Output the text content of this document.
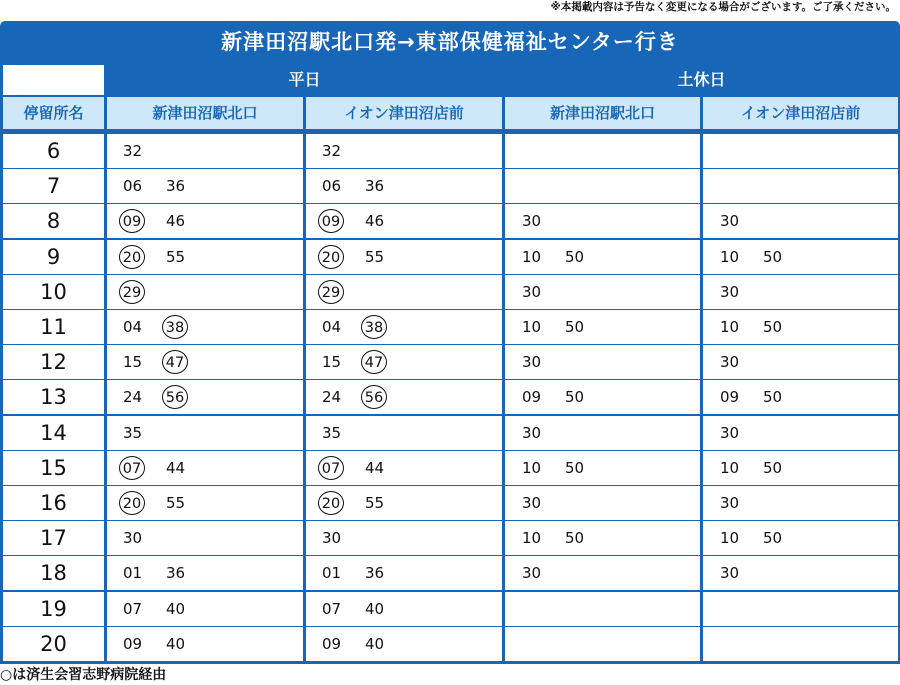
※本掲載内容は予告なく変更になる場合がございます。ご了承ください。
新津田沼駅北口発→東部保健福祉センター行き
平日	土休日
停留所名	新津田沼駅北口	イオン津田沼店前	新津田沼駅北口	イオン津田沼店前
6	32	32
7	06 36	06 36
8	09 46	09 46	30	30
9	20 55	20 55	10 50	10 50
10	29	29	30	30
11	04 38	04 38	10 50	10 50
12	15 47	15 47	30	30
13	24 56	24 56	09 50	09 50
14	35	35	30	30
15	07 44	07 44	10 50	10 50
16	20 55	20 55	30	30
17	30	30	10 50	10 50
18	01 36	01 36	30	30
19	07 40	07 40
20	09 40	09 40
○は済生会習志野病院経由
